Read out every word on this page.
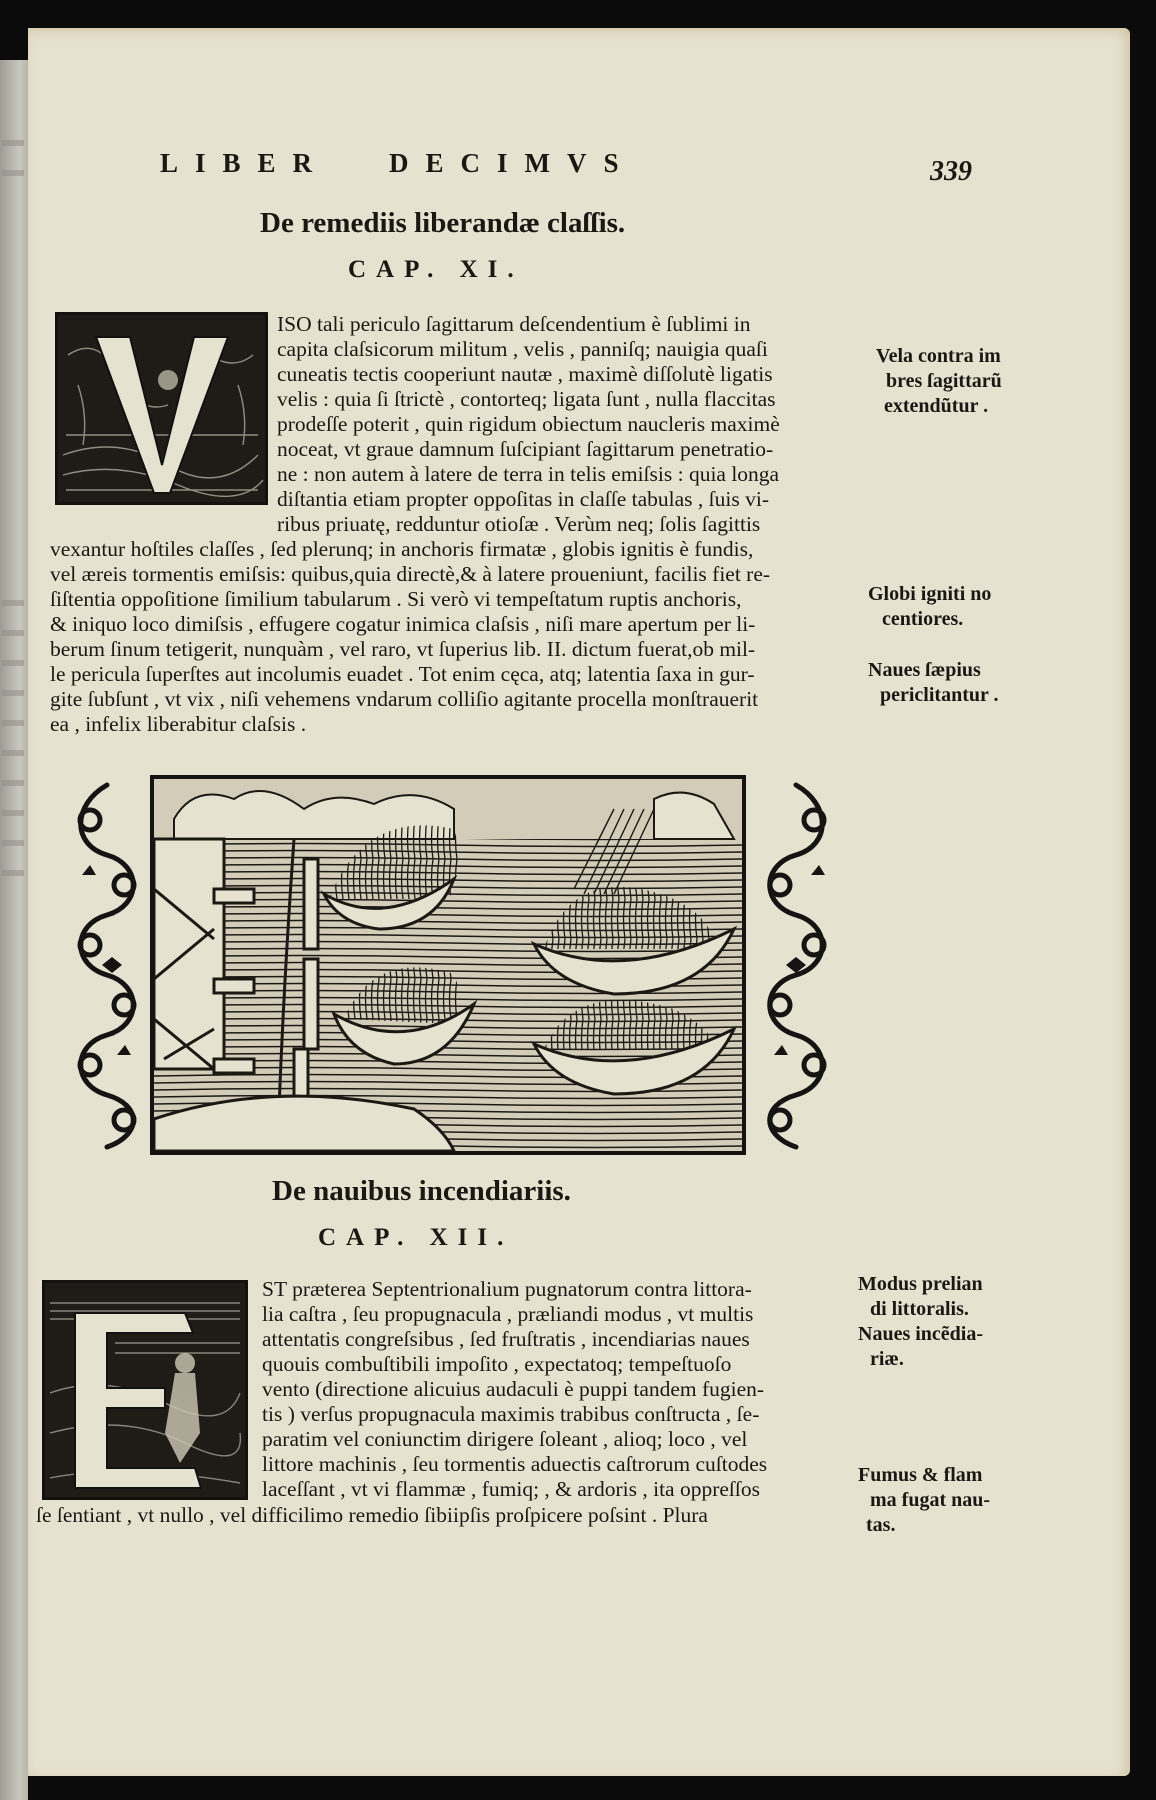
LIBER DECIMVS	339
De remediis liberandæ claſſis.
CAP. XI.
ISO tali periculo ſagittarum deſcendentium è ſublimi in
capita claſsicorum militum , velis , panniſq; nauigia quaſi
cuneatis tectis cooperiunt nautæ , maximè diſſolutè ligatis
velis : quia ſi ſtrictè , contorteq; ligata ſunt , nulla flaccitas
prodeſſe poterit , quin rigidum obiectum naucleris maximè
noceat, vt graue damnum ſuſcipiant ſagittarum penetratio-
ne : non autem à latere de terra in telis emiſsis : quia longa
diſtantia etiam propter oppoſitas in claſſe tabulas , ſuis vi-
ribus priuatę, redduntur otioſæ . Verùm neq; ſolis ſagittis
vexantur hoſtiles claſſes , ſed plerunq; in anchoris firmatæ , globis ignitis è fundis,
vel æreis tormentis emiſsis: quibus,quia directè,& à latere proueniunt, facilis fiet re-
ſiſtentia oppoſitione ſimilium tabularum . Si verò vi tempeſtatum ruptis anchoris,
& iniquo loco dimiſsis , effugere cogatur inimica claſsis , niſi mare apertum per li-
berum ſinum tetigerit, nunquàm , vel raro, vt ſuperius lib. II. dictum fuerat,ob mil-
le pericula ſuperſtes aut incolumis euadet . Tot enim cęca, atq; latentia ſaxa in gur-
gite ſubſunt , vt vix , niſi vehemens vndarum colliſio agitante procella monſtrauerit
ea , infelix liberabitur claſsis .
Vela contra im
bres ſagittarũ
extendũtur .
Globi igniti no
centiores.
Naues ſæpius
periclitantur .
De nauibus incendiariis.
CAP. XII.
ST præterea Septentrionalium pugnatorum contra littora-
lia caſtra , ſeu propugnacula , præliandi modus , vt multis
attentatis congreſsibus , ſed fruſtratis , incendiarias naues
quouis combuſtibili impoſito , expectatoq; tempeſtuoſo
vento (directione alicuius audaculi è puppi tandem fugien-
tis ) verſus propugnacula maximis trabibus conſtructa , ſe-
paratim vel coniunctim dirigere ſoleant , alioq; loco , vel
littore machinis , ſeu tormentis aduectis caſtrorum cuſtodes
laceſſant , vt vi flammæ , fumiq; , & ardoris , ita oppreſſos
ſe ſentiant , vt nullo , vel difficilimo remedio ſibiipſis proſpicere poſsint . Plura
Modus prelian
di littoralis.
Naues incẽdia-
riæ.
Fumus & flam
ma fugat nau-
tas.
